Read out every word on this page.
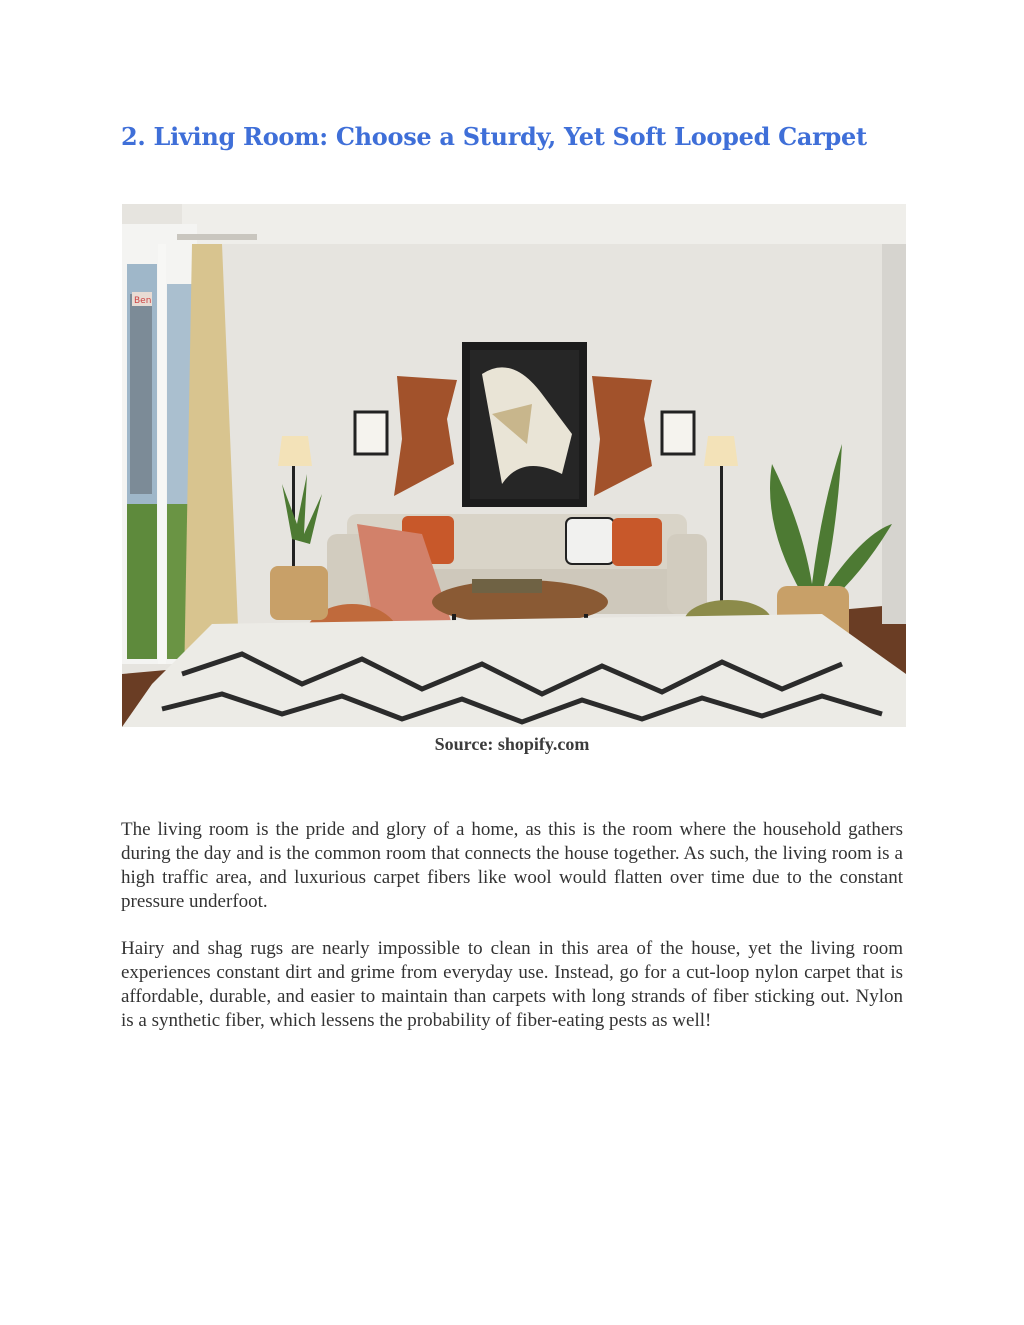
2. Living Room: Choose a Sturdy, Yet Soft Looped Carpet
Ben
Source: shopify.com

The living room is the pride and glory of a home, as this is the room where the household gathers during the day and is the common room that connects the house together. As such, the living room is a high traffic area, and luxurious carpet fibers like wool would flatten over time due to the constant pressure underfoot.

Hairy and shag rugs are nearly impossible to clean in this area of the house, yet the living room experiences constant dirt and grime from everyday use. Instead, go for a cut-loop nylon carpet that is affordable, durable, and easier to maintain than carpets with long strands of fiber sticking out. Nylon is a synthetic fiber, which lessens the probability of fiber-eating pests as well!
